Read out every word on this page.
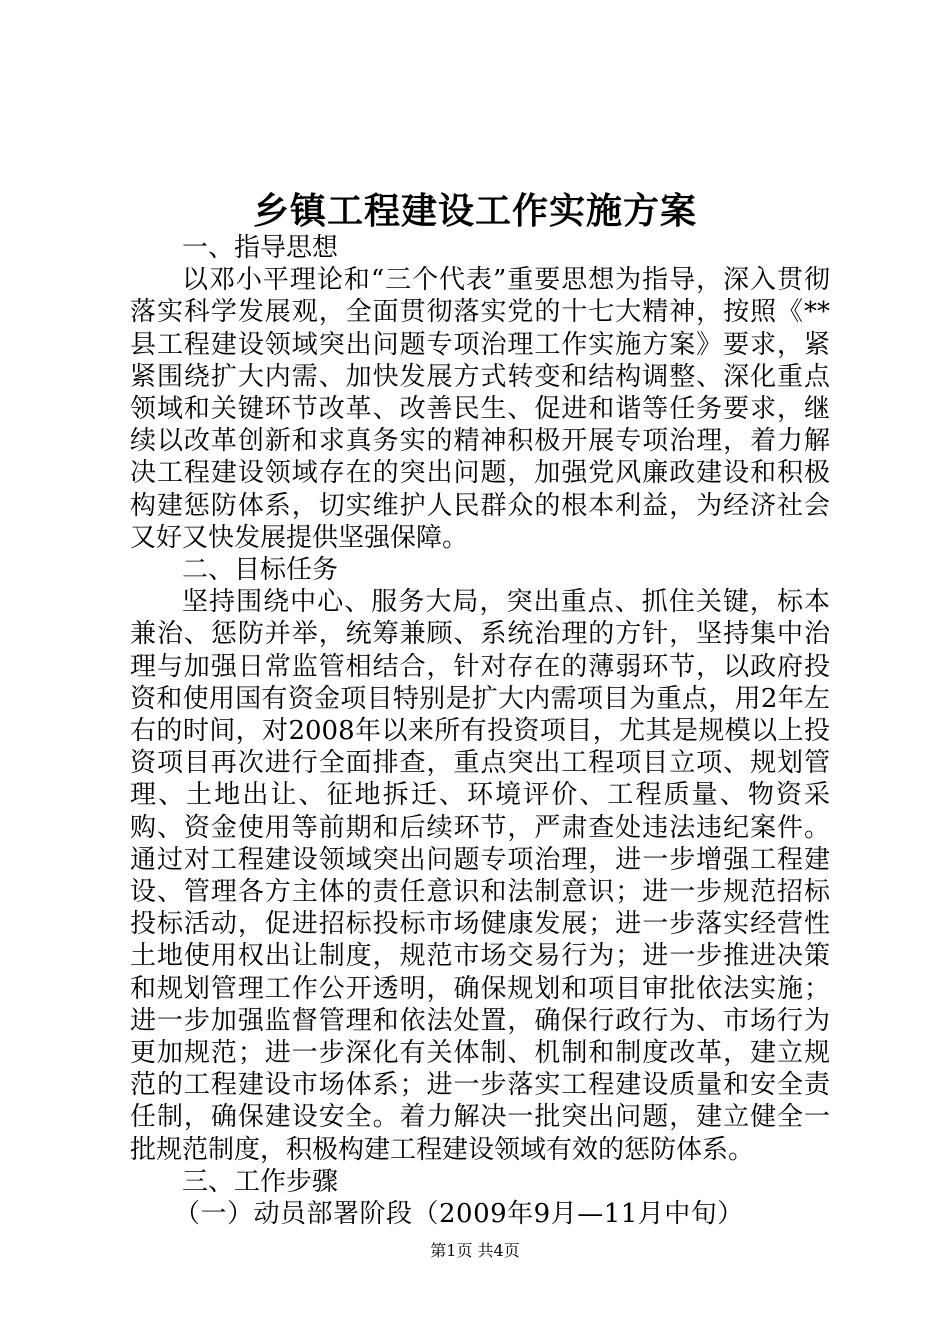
乡镇工程建设工作实施方案

一、指导思想

以邓小平理论和“三个代表”重要思想为指导，深入贯彻落实科学发展观，全面贯彻落实党的十七大精神，按照《**县工程建设领域突出问题专项治理工作实施方案》要求，紧紧围绕扩大内需、加快发展方式转变和结构调整、深化重点领域和关键环节改革、改善民生、促进和谐等任务要求，继续以改革创新和求真务实的精神积极开展专项治理，着力解决工程建设领域存在的突出问题，加强党风廉政建设和积极构建惩防体系，切实维护人民群众的根本利益，为经济社会又好又快发展提供坚强保障。

二、目标任务

坚持围绕中心、服务大局，突出重点、抓住关键，标本兼治、惩防并举，统筹兼顾、系统治理的方针，坚持集中治理与加强日常监管相结合，针对存在的薄弱环节，以政府投资和使用国有资金项目特别是扩大内需项目为重点，用2年左右的时间，对2008年以来所有投资项目，尤其是规模以上投资项目再次进行全面排查，重点突出工程项目立项、规划管理、土地出让、征地拆迁、环境评价、工程质量、物资采购、资金使用等前期和后续环节，严肃查处违法违纪案件。通过对工程建设领域突出问题专项治理，进一步增强工程建设、管理各方主体的责任意识和法制意识；进一步规范招标投标活动，促进招标投标市场健康发展；进一步落实经营性土地使用权出让制度，规范市场交易行为；进一步推进决策和规划管理工作公开透明，确保规划和项目审批依法实施；进一步加强监督管理和依法处置，确保行政行为、市场行为更加规范；进一步深化有关体制、机制和制度改革，建立规范的工程建设市场体系；进一步落实工程建设质量和安全责任制，确保建设安全。着力解决一批突出问题，建立健全一批规范制度，积极构建工程建设领域有效的惩防体系。

三、工作步骤

（一）动员部署阶段（2009年9月—11月中旬）

第1页 共4页
